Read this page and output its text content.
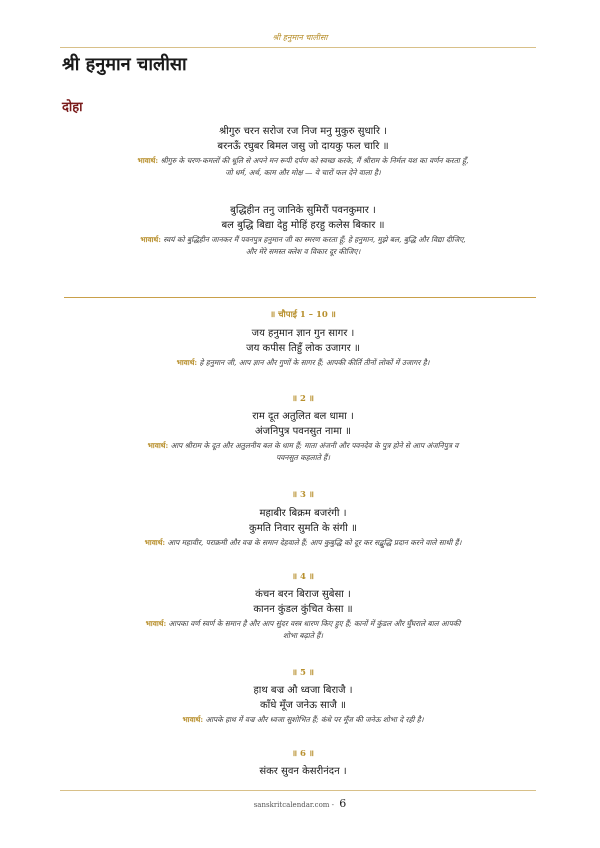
श्री हनुमान चालीसा
श्री हनुमान चालीसा
दोहा
श्रीगुरु चरन सरोज रज निज मनु मुकुरु सुधारि ।
बरनऊँ रघुबर बिमल जसु जो दायकु फल चारि ॥
भावार्थ: श्रीगुरु के चरण-कमलों की धूलि से अपने मन रूपी दर्पण को स्वच्छ करके, मैं श्रीराम के निर्मल यश का वर्णन करता हूँ,
जो धर्म, अर्थ, काम और मोक्ष — ये चारों फल देने वाला है।
बुद्धिहीन तनु जानिके सुमिरौं पवनकुमार ।
बल बुद्धि बिद्या देहु मोहिं हरहु कलेस बिकार ॥
भावार्थ: स्वयं को बुद्धिहीन जानकर मैं पवनपुत्र हनुमान जी का स्मरण करता हूँ; हे हनुमान, मुझे बल, बुद्धि और विद्या दीजिए,
और मेरे समस्त क्लेश व विकार दूर कीजिए।
॥ चौपाई 1 – 10 ॥
जय हनुमान ज्ञान गुन सागर ।
जय कपीस तिहुँ लोक उजागर ॥
भावार्थ: हे हनुमान जी, आप ज्ञान और गुणों के सागर हैं; आपकी कीर्ति तीनों लोकों में उजागर है।
॥ 2 ॥
राम दूत अतुलित बल धामा ।
अंजनिपुत्र पवनसुत नामा ॥
भावार्थ: आप श्रीराम के दूत और अतुलनीय बल के धाम हैं; माता अंजनी और पवनदेव के पुत्र होने से आप अंजनिपुत्र व
पवनसुत कहलाते हैं।
॥ 3 ॥
महाबीर बिक्रम बजरंगी ।
कुमति निवार सुमति के संगी ॥
भावार्थ: आप महावीर, पराक्रमी और वज्र के समान देहवाले हैं; आप कुबुद्धि को दूर कर सद्बुद्धि प्रदान करने वाले साथी हैं।
॥ 4 ॥
कंचन बरन बिराज सुबेसा ।
कानन कुंडल कुंचित केसा ॥
भावार्थ: आपका वर्ण स्वर्ण के समान है और आप सुंदर वस्त्र धारण किए हुए हैं; कानों में कुंडल और घुँघराले बाल आपकी
शोभा बढ़ाते हैं।
॥ 5 ॥
हाथ बज्र औ ध्वजा बिराजै ।
काँधे मूँज जनेऊ साजै ॥
भावार्थ: आपके हाथ में वज्र और ध्वजा सुशोभित हैं; कंधे पर मूँज की जनेऊ शोभा दे रही है।
॥ 6 ॥
संकर सुवन केसरीनंदन ।
sanskritcalendar.com - 6
